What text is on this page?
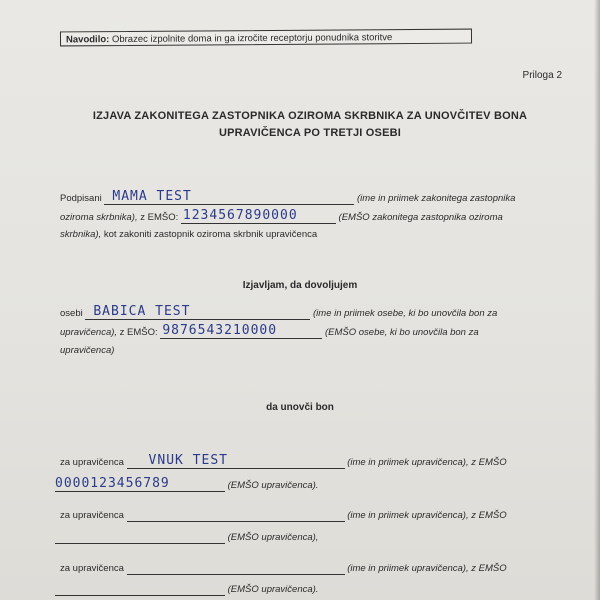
Navodilo: Obrazec izpolnite doma in ga izročite receptorju ponudnika storitve
Priloga 2
IZJAVA ZAKONITEGA ZASTOPNIKA OZIROMA SKRBNIKA ZA UNOVČITEV BONA
UPRAVIČENCA PO TRETJI OSEBI
Podpisani MAMA TEST	(ime in priimek zakonitega zastopnika
oziroma skrbnika), z EMŠO: 1234567890000	(EMŠO zakonitega zastopnika oziroma
skrbnika), kot zakoniti zastopnik oziroma skrbnik upravičenca
Izjavljam, da dovoljujem
osebi BABICA TEST	(ime in priimek osebe, ki bo unovčila bon za
upravičenca), z EMŠO: 9876543210000	(EMŠO osebe, ki bo unovčila bon za
upravičenca)
da unovči bon
za upravičenca VNUK TEST	(ime in priimek upravičenca), z EMŠO
0000123456789	(EMŠO upravičenca).
za upravičenca	(ime in priimek upravičenca), z EMŠO
(EMŠO upravičenca),
za upravičenca	(ime in priimek upravičenca), z EMŠO
(EMŠO upravičenca).
